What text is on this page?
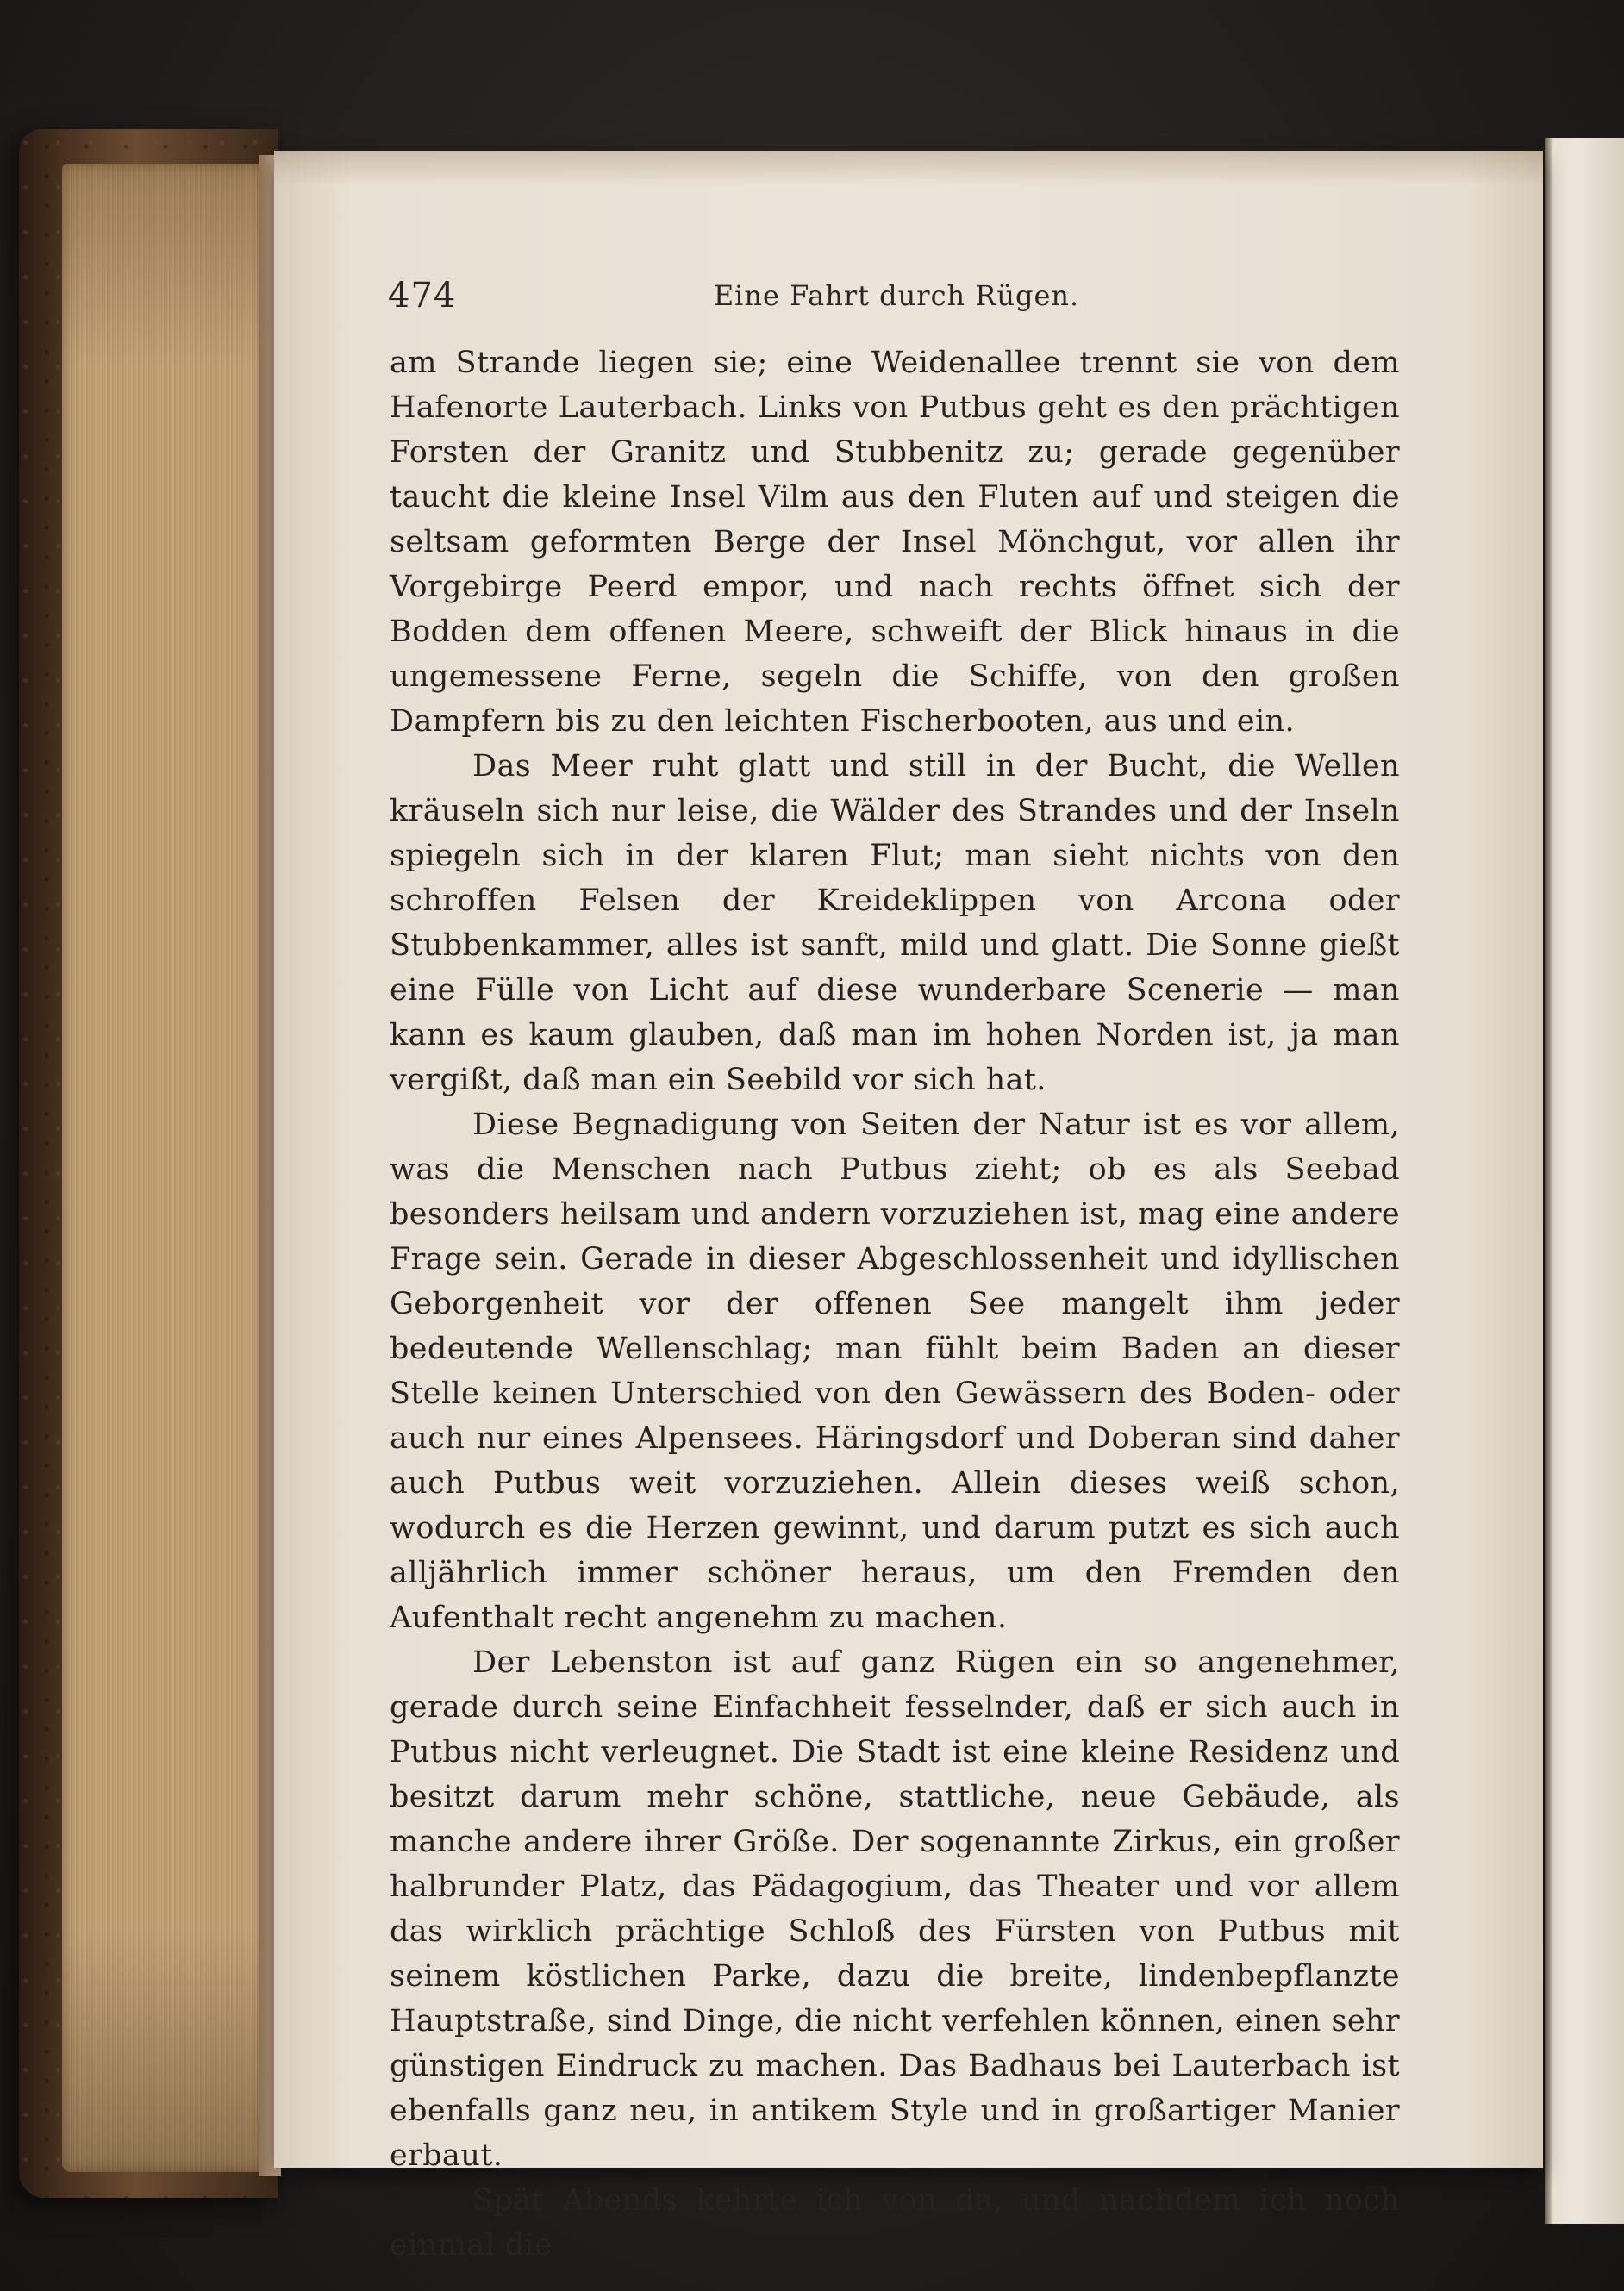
474	Eine Fahrt durch Rügen.

am Strande liegen sie; eine Weidenallee trennt sie von dem Hafenorte Lauterbach. Links von Putbus geht es den prächtigen Forsten der Granitz und Stubbenitz zu; gerade gegenüber taucht die kleine Insel Vilm aus den Fluten auf und steigen die seltsam geformten Berge der Insel Mönchgut, vor allen ihr Vorgebirge Peerd empor, und nach rechts öffnet sich der Bodden dem offenen Meere, schweift der Blick hinaus in die ungemessene Ferne, segeln die Schiffe, von den großen Dampfern bis zu den leichten Fischerbooten, aus und ein.

Das Meer ruht glatt und still in der Bucht, die Wellen kräuseln sich nur leise, die Wälder des Strandes und der Inseln spiegeln sich in der klaren Flut; man sieht nichts von den schroffen Felsen der Kreideklippen von Arcona oder Stubbenkammer, alles ist sanft, mild und glatt. Die Sonne gießt eine Fülle von Licht auf diese wunderbare Scenerie — man kann es kaum glauben, daß man im hohen Norden ist, ja man vergißt, daß man ein Seebild vor sich hat.

Diese Begnadigung von Seiten der Natur ist es vor allem, was die Menschen nach Putbus zieht; ob es als Seebad besonders heilsam und andern vorzuziehen ist, mag eine andere Frage sein. Gerade in dieser Abgeschlossenheit und idyllischen Geborgenheit vor der offenen See mangelt ihm jeder bedeutende Wellenschlag; man fühlt beim Baden an dieser Stelle keinen Unterschied von den Gewässern des Boden- oder auch nur eines Alpensees. Häringsdorf und Doberan sind daher auch Putbus weit vorzuziehen. Allein dieses weiß schon, wodurch es die Herzen gewinnt, und darum putzt es sich auch alljährlich immer schöner heraus, um den Fremden den Aufenthalt recht angenehm zu machen.

Der Lebenston ist auf ganz Rügen ein so angenehmer, gerade durch seine Einfachheit fesselnder, daß er sich auch in Putbus nicht verleugnet. Die Stadt ist eine kleine Residenz und besitzt darum mehr schöne, stattliche, neue Gebäude, als manche andere ihrer Größe. Der sogenannte Zirkus, ein großer halbrunder Platz, das Pädagogium, das Theater und vor allem das wirklich prächtige Schloß des Fürsten von Putbus mit seinem köstlichen Parke, dazu die breite, lindenbepflanzte Hauptstraße, sind Dinge, die nicht verfehlen können, einen sehr günstigen Eindruck zu machen. Das Badhaus bei Lauterbach ist ebenfalls ganz neu, in antikem Style und in großartiger Manier erbaut.

Spät Abends kehrte ich von da, und nachdem ich noch einmal die
